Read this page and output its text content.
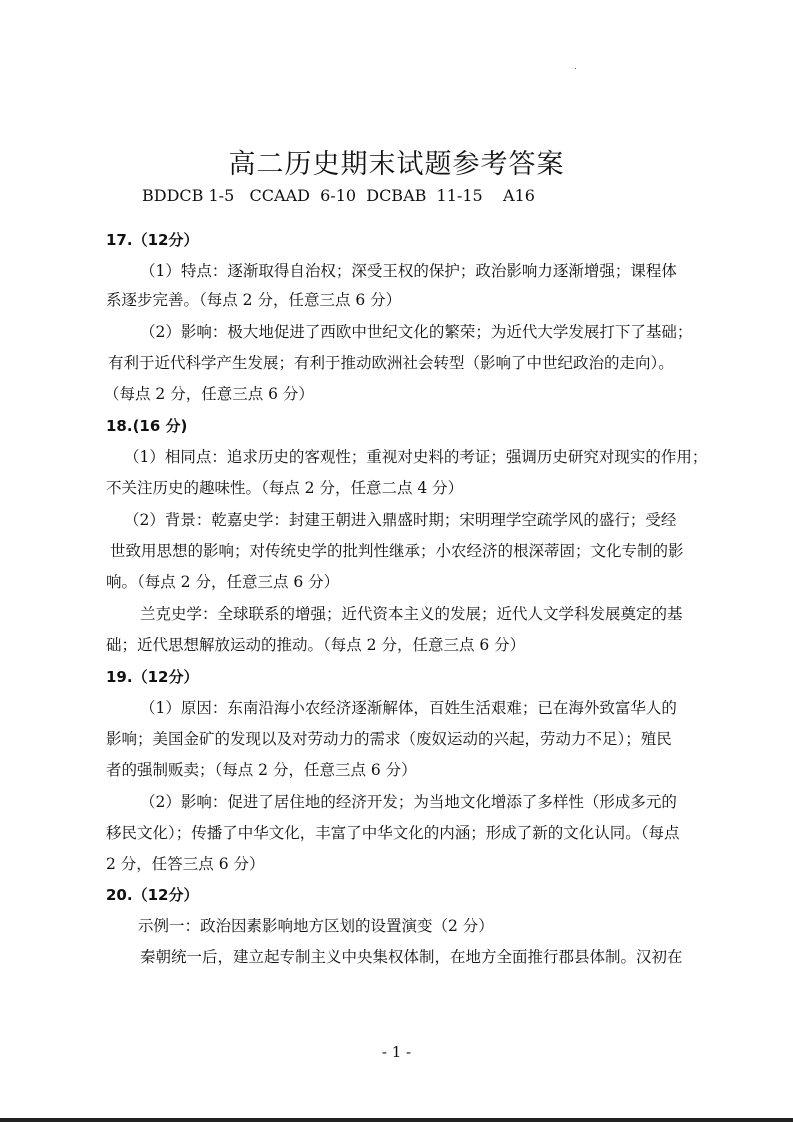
高二历史期末试题参考答案
BDDCB 1-5   CCAAD  6-10  DCBAB  11-15    A16
17.（12分）
（1）特点：逐渐取得自治权；深受王权的保护；政治影响力逐渐增强；课程体
系逐步完善。（每点 2 分，任意三点 6 分）
（2）影响：极大地促进了西欧中世纪文化的繁荣；为近代大学发展打下了基础；
有利于近代科学产生发展；有利于推动欧洲社会转型（影响了中世纪政治的走向）。
（每点 2 分，任意三点 6 分）
18.(16 分)
（1）相同点：追求历史的客观性；重视对史料的考证；强调历史研究对现实的作用；
不关注历史的趣味性。（每点 2 分，任意二点 4 分）
（2）背景：乾嘉史学：封建王朝进入鼎盛时期；宋明理学空疏学风的盛行；受经
世致用思想的影响；对传统史学的批判性继承；小农经济的根深蒂固；文化专制的影
响。（每点 2 分，任意三点 6 分）
兰克史学：全球联系的增强；近代资本主义的发展；近代人文学科发展奠定的基
础；近代思想解放运动的推动。（每点 2 分，任意三点 6 分）
19.（12分）
（1）原因：东南沿海小农经济逐渐解体，百姓生活艰难；已在海外致富华人的
影响；美国金矿的发现以及对劳动力的需求（废奴运动的兴起，劳动力不足）；殖民
者的强制贩卖；（每点 2 分，任意三点 6 分）
（2）影响：促进了居住地的经济开发；为当地文化增添了多样性（形成多元的
移民文化）；传播了中华文化，丰富了中华文化的内涵；形成了新的文化认同。（每点
2 分，任答三点 6 分）
20.（12分）
示例一：政治因素影响地方区划的设置演变（2 分）
秦朝统一后，建立起专制主义中央集权体制，在地方全面推行郡县体制。汉初在
- 1 -
